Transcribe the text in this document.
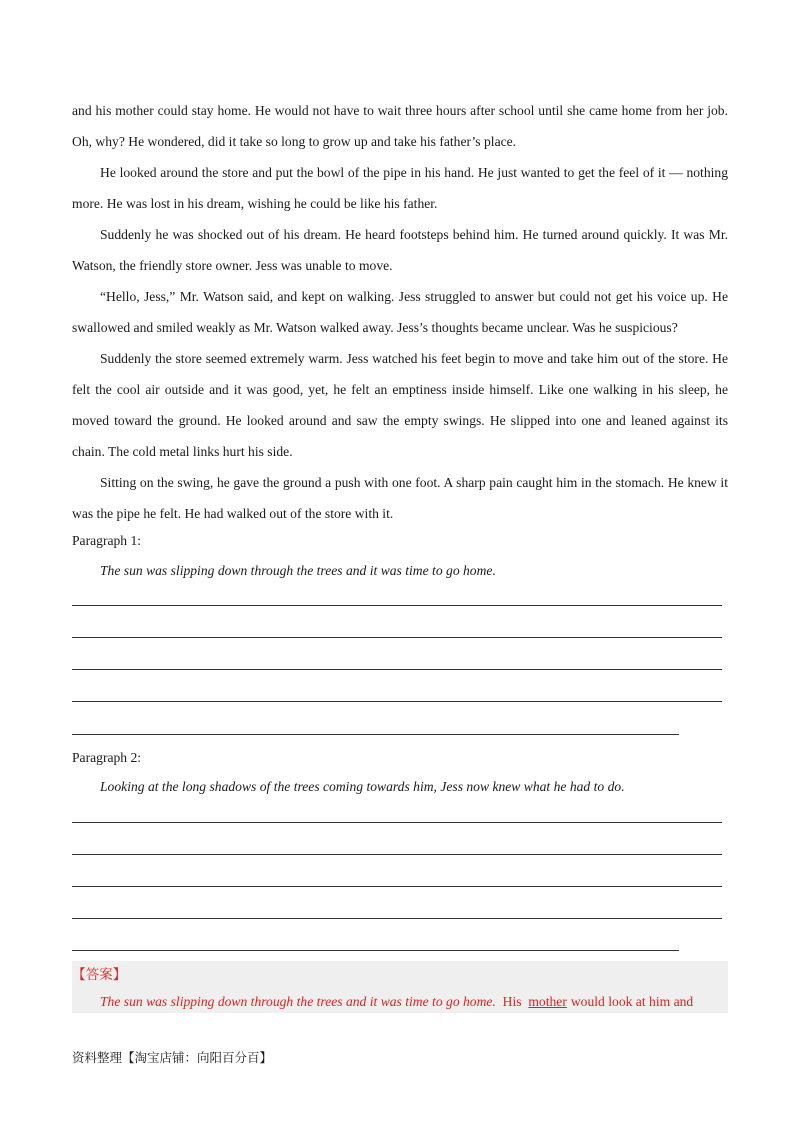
and his mother could stay home. He would not have to wait three hours after school until she came home from her job. Oh, why? He wondered, did it take so long to grow up and take his father’s place.

He looked around the store and put the bowl of the pipe in his hand. He just wanted to get the feel of it — nothing more. He was lost in his dream, wishing he could be like his father.

Suddenly he was shocked out of his dream. He heard footsteps behind him. He turned around quickly. It was Mr. Watson, the friendly store owner. Jess was unable to move.

“Hello, Jess,” Mr. Watson said, and kept on walking. Jess struggled to answer but could not get his voice up. He swallowed and smiled weakly as Mr. Watson walked away. Jess’s thoughts became unclear. Was he suspicious?

Suddenly the store seemed extremely warm. Jess watched his feet begin to move and take him out of the store. He felt the cool air outside and it was good, yet, he felt an emptiness inside himself. Like one walking in his sleep, he moved toward the ground. He looked around and saw the empty swings. He slipped into one and leaned against its chain. The cold metal links hurt his side.

Sitting on the swing, he gave the ground a push with one foot. A sharp pain caught him in the stomach. He knew it was the pipe he felt. He had walked out of the store with it.

Paragraph 1:
The sun was slipping down through the trees and it was time to go home.
Paragraph 2:
Looking at the long shadows of the trees coming towards him, Jess now knew what he had to do.
【答案】
The sun was slipping down through the trees and it was time to go home. His mother would look at him and
资料整理【淘宝店铺：向阳百分百】
